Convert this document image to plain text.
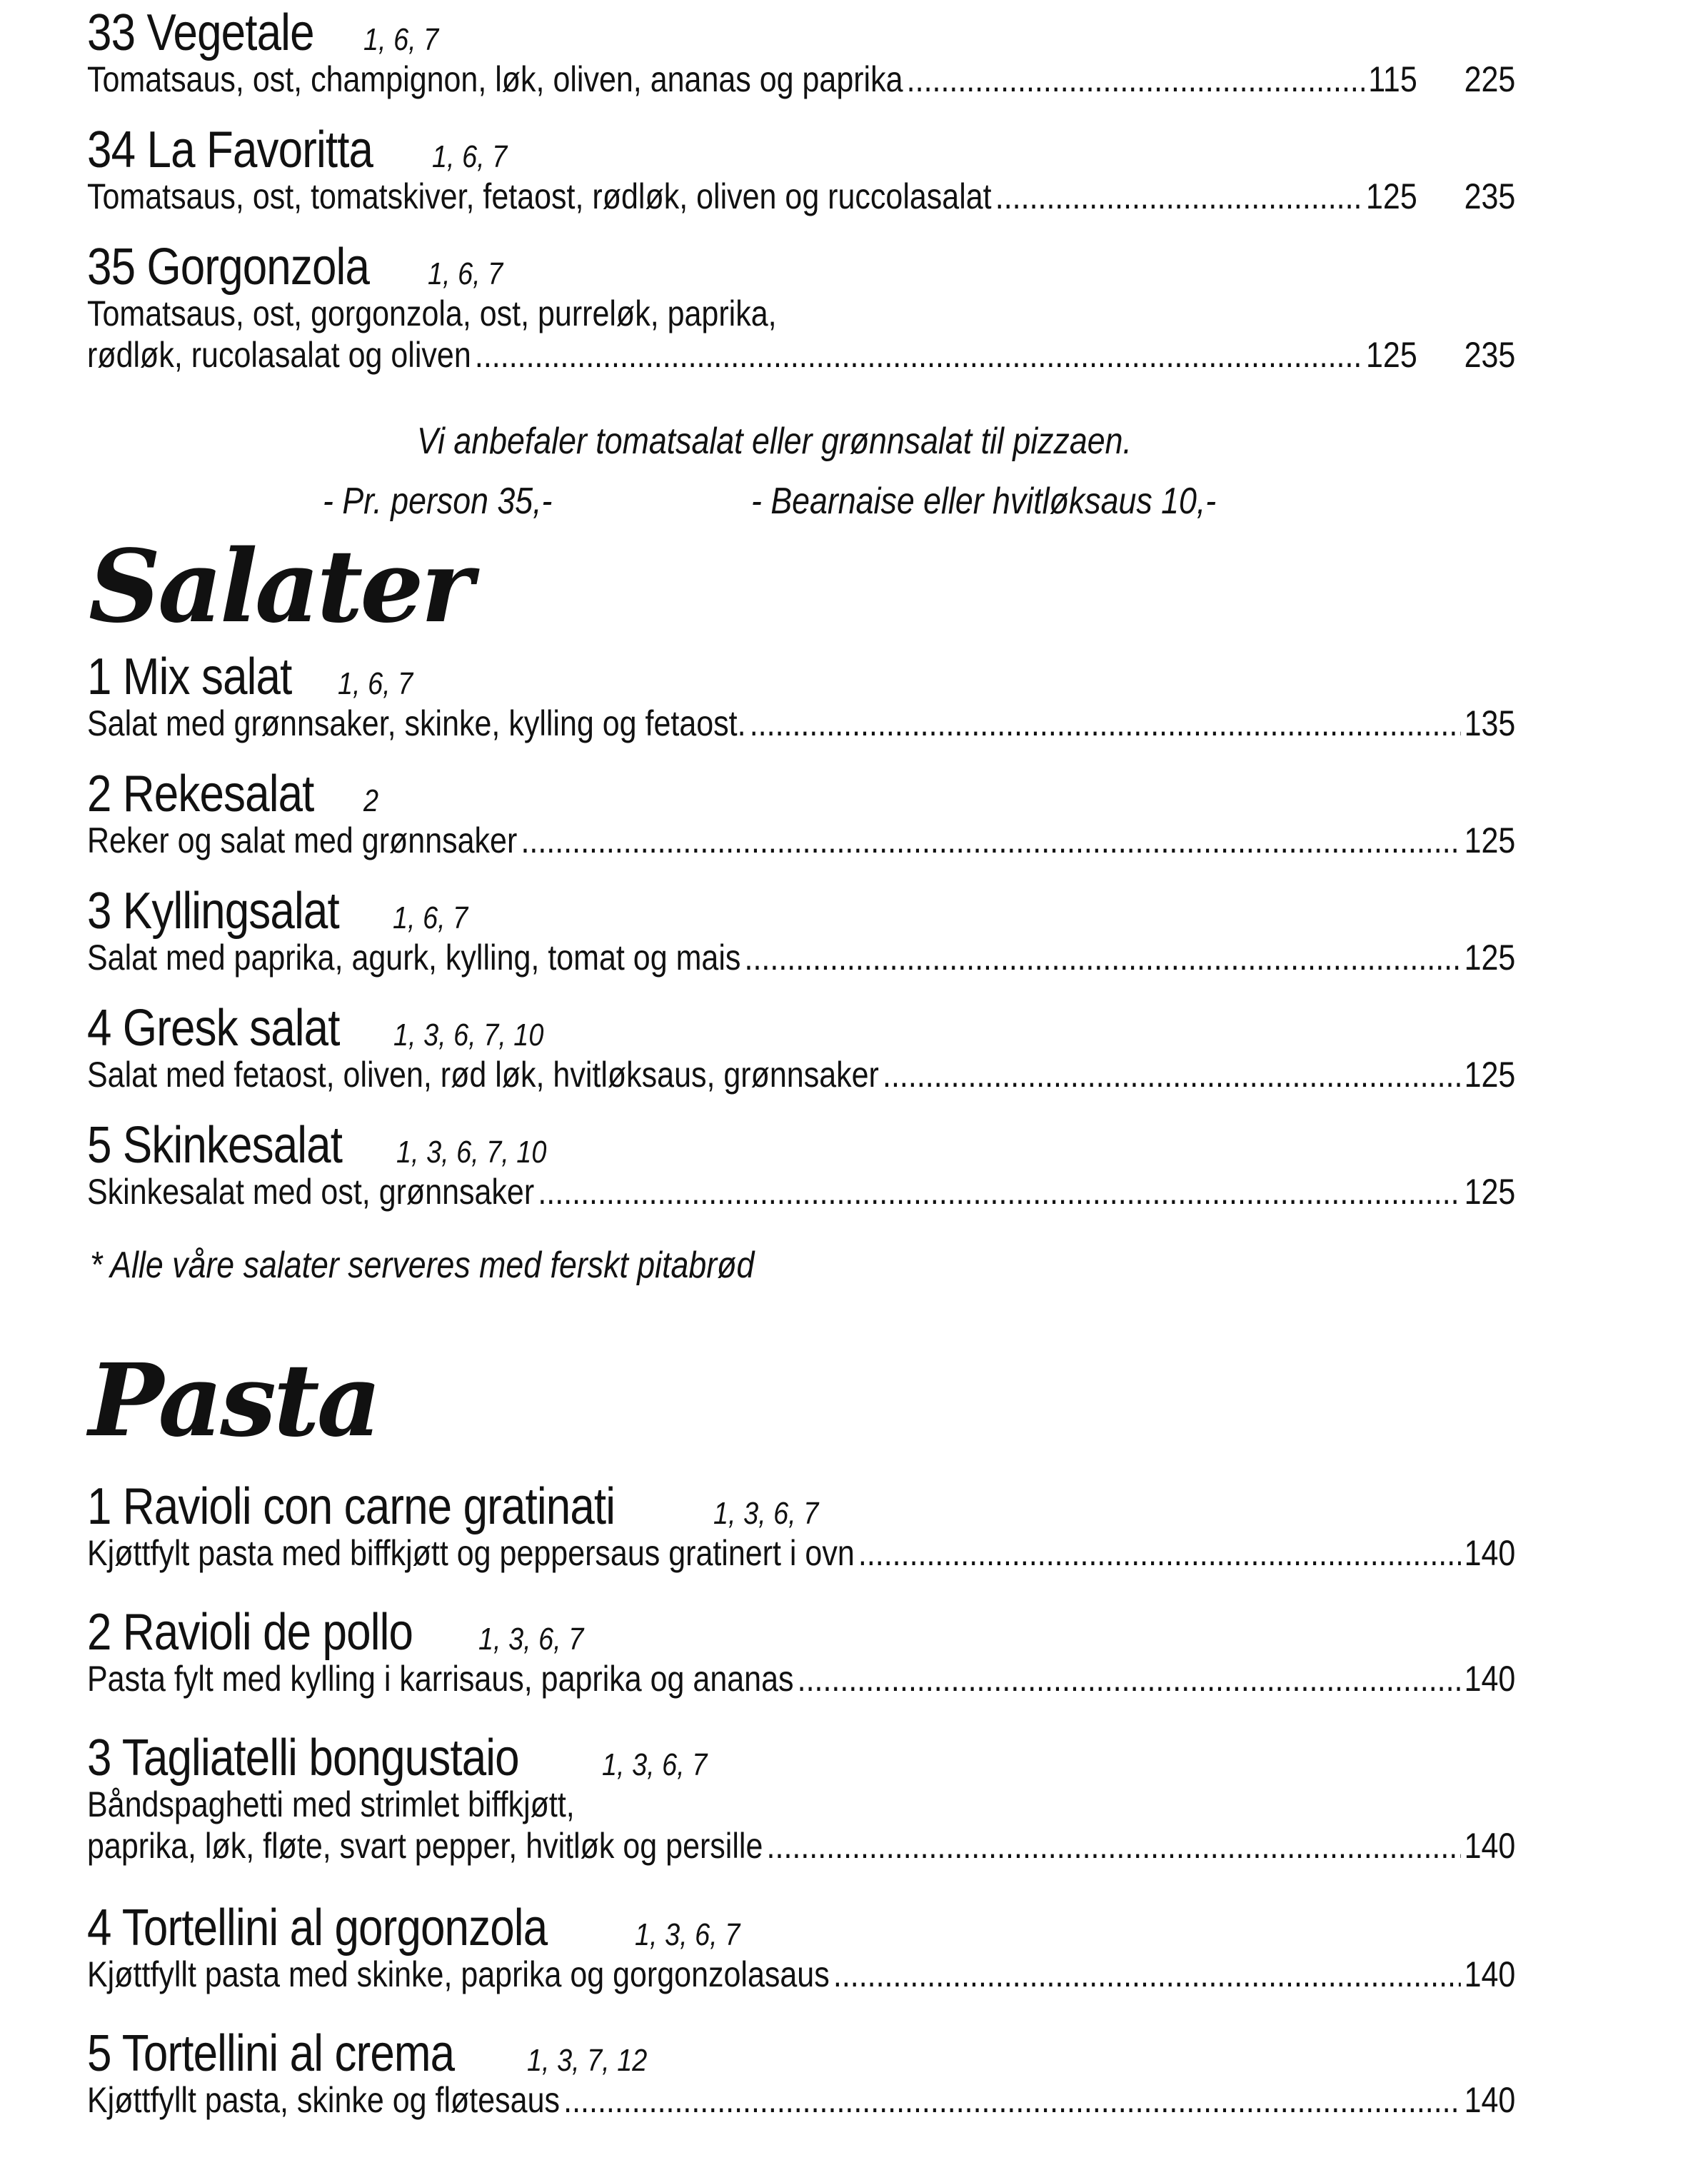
33 Vegetale 1, 6, 7
Tomatsaus, ost, champignon, løk, oliven, ananas og paprika .....	115	225
34 La Favoritta 1, 6, 7
Tomatsaus, ost, tomatskiver, fetaost, rødløk, oliven og ruccolasalat .....	125	235
35 Gorgonzola 1, 6, 7
Tomatsaus, ost, gorgonzola, ost, purreløk, paprika,
rødløk, rucolasalat og oliven .....	125	235
Vi anbefaler tomatsalat eller grønnsalat til pizzaen.
- Pr. person 35,-	- Bearnaise eller hvitløksaus 10,-
Salater
1 Mix salat 1, 6, 7
Salat med grønnsaker, skinke, kylling og fetaost. .....	135
2 Rekesalat 2
Reker og salat med grønnsaker .....	125
3 Kyllingsalat 1, 6, 7
Salat med paprika, agurk, kylling, tomat og mais .....	125
4 Gresk salat 1, 3, 6, 7, 10
Salat med fetaost, oliven, rød løk, hvitløksaus, grønnsaker .....	125
5 Skinkesalat 1, 3, 6, 7, 10
Skinkesalat med ost, grønnsaker .....	125
* Alle våre salater serveres med ferskt pitabrød
Pasta
1 Ravioli con carne gratinati	1, 3, 6, 7
Kjøttfylt pasta med biffkjøtt og peppersaus gratinert i ovn .....	140
2 Ravioli de pollo 1, 3, 6, 7
Pasta fylt med kylling i karrisaus, paprika og ananas .....	140
3 Tagliatelli bongustaio	1, 3, 6, 7
Båndspaghetti med strimlet biffkjøtt,
paprika, løk, fløte, svart pepper, hvitløk og persille .....	140
4 Tortellini al gorgonzola	1, 3, 6, 7
Kjøttfyllt pasta med skinke, paprika og gorgonzolasaus .....	140
5 Tortellini al crema 1, 3, 7, 12
Kjøttfyllt pasta, skinke og fløtesaus .....	140
